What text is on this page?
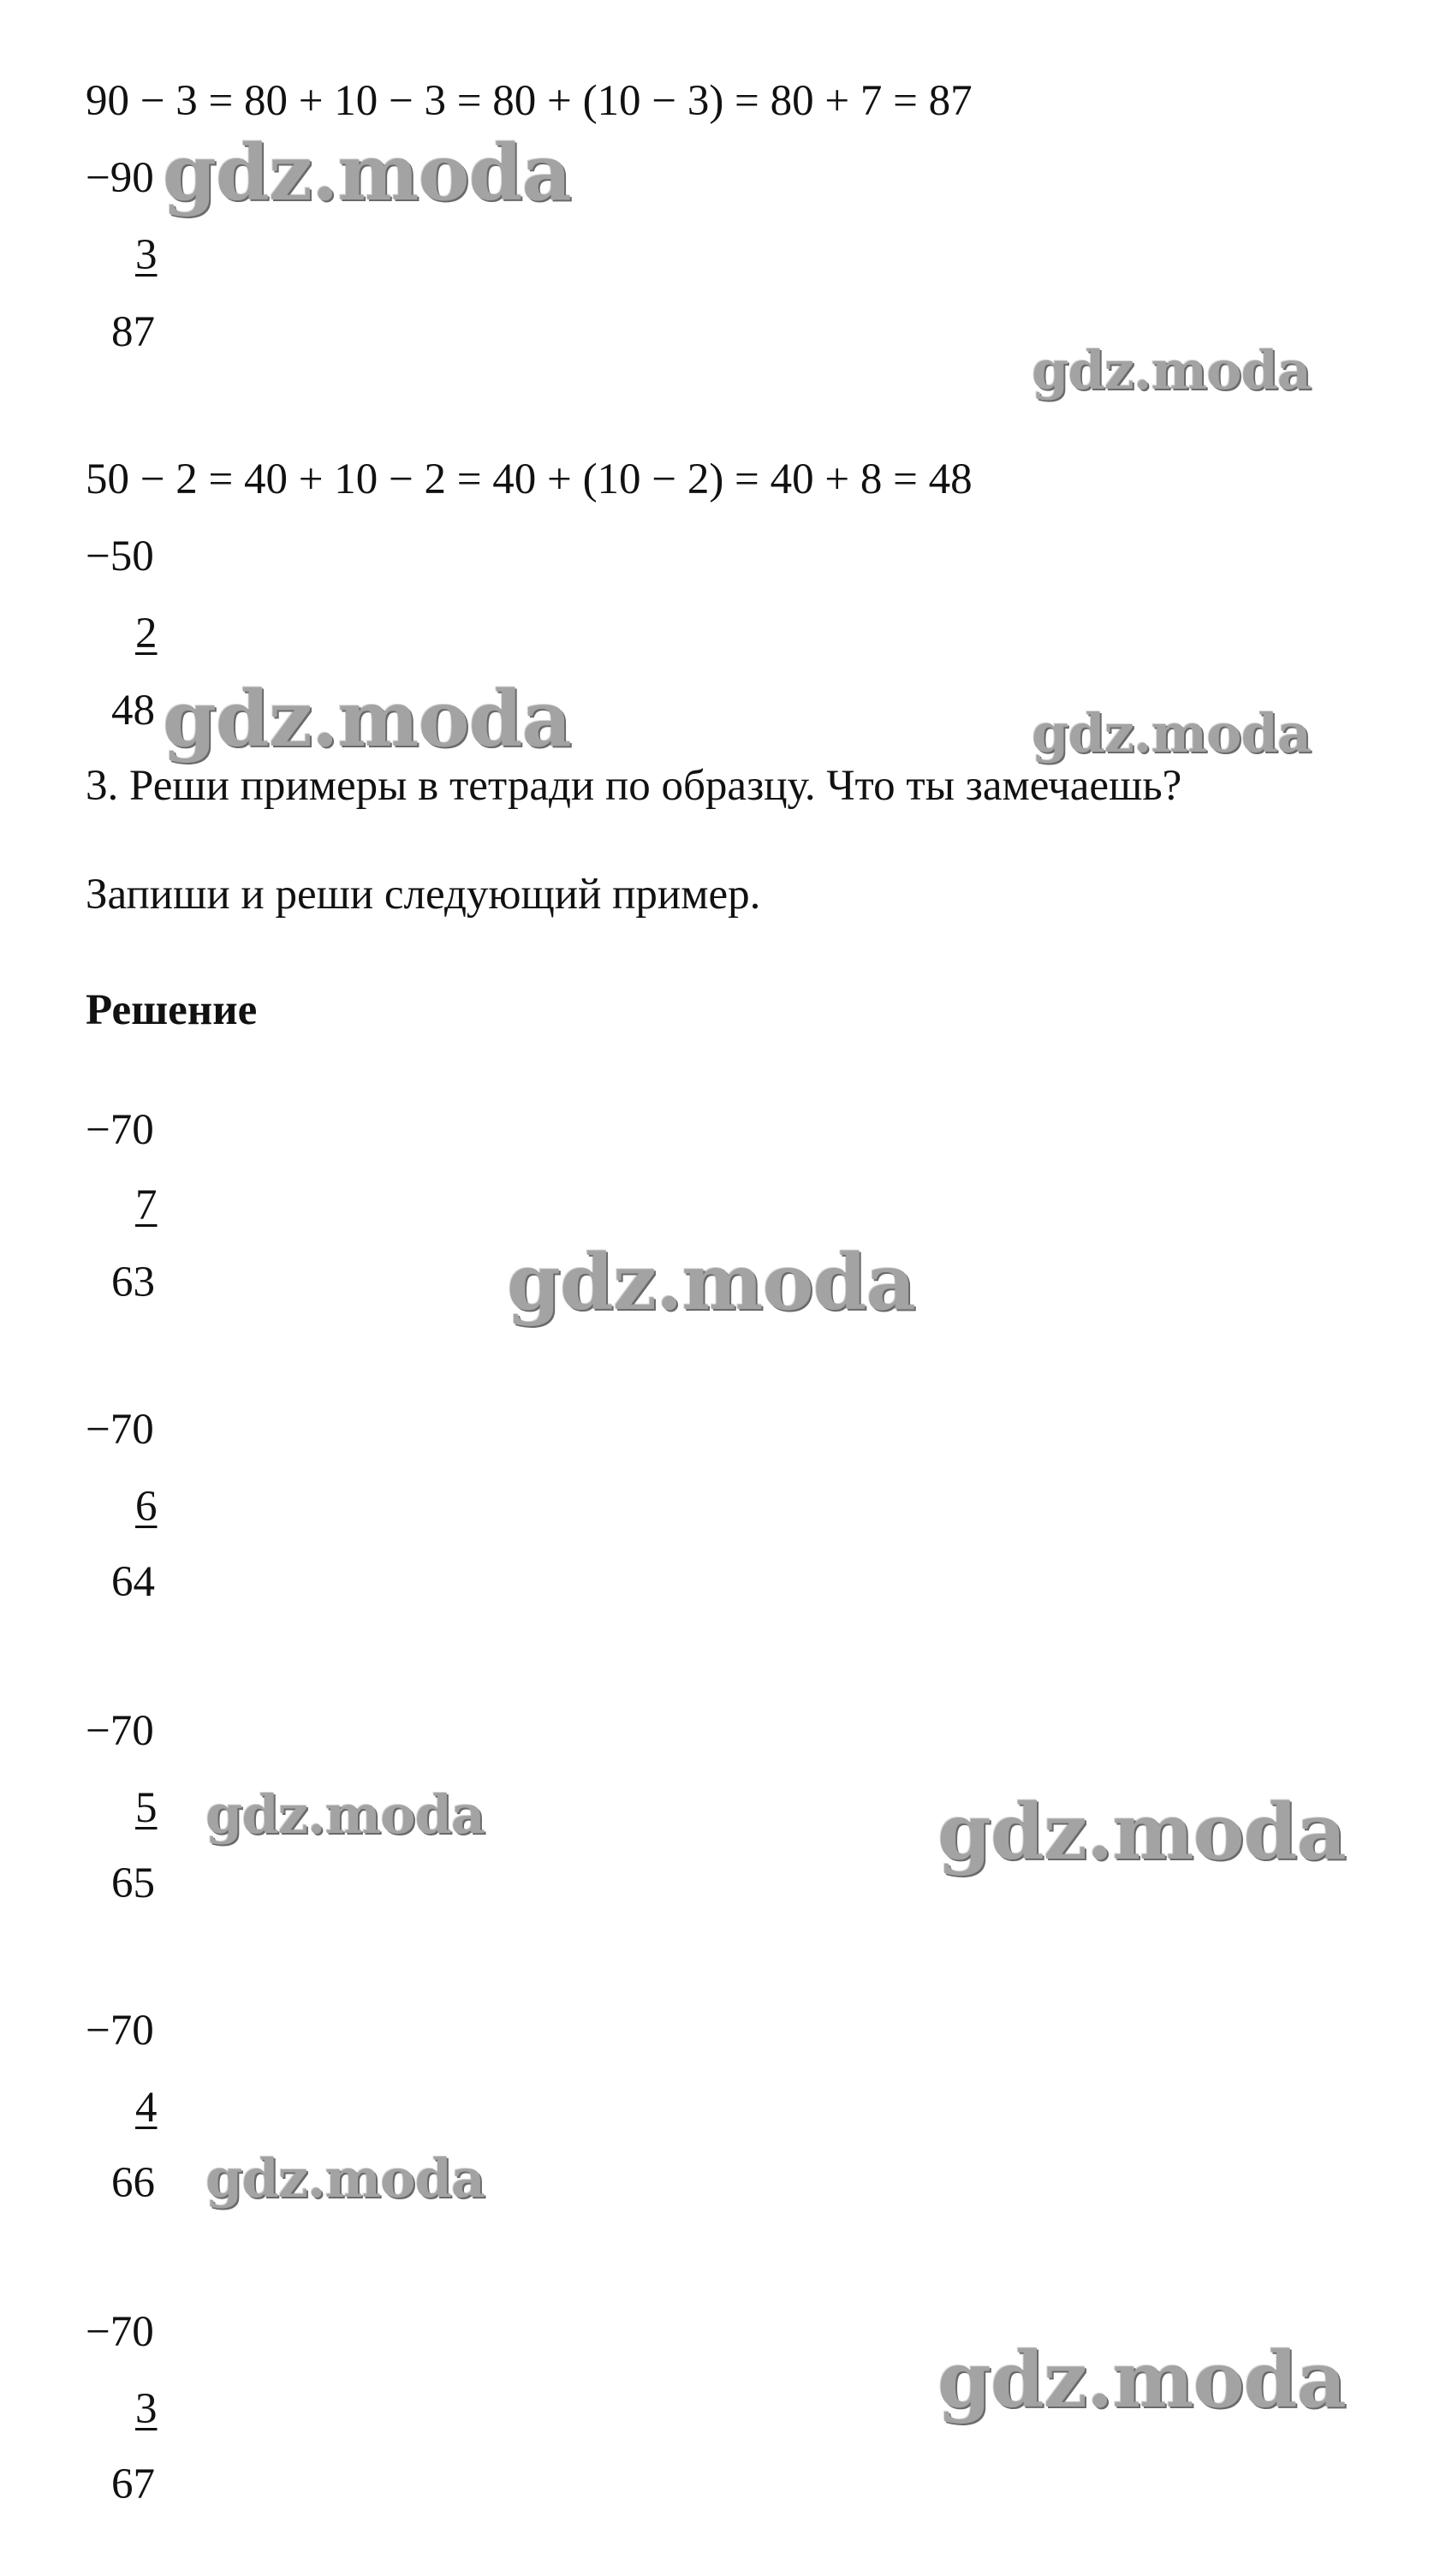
90 − 3 = 80 + 10 − 3 = 80 + (10 − 3) = 80 + 7 = 87
−90
3
87
50 − 2 = 40 + 10 − 2 = 40 + (10 − 2) = 40 + 8 = 48
−50
2
48
3. Реши примеры в тетради по образцу. Что ты замечаешь?
Запиши и реши следующий пример.
Решение
−70
7
63
−70
6
64
−70
5
65
−70
4
66
−70
3
67
gdz.moda
gdz.moda
gdz.moda	gdz.moda
gdz.moda
gdz.moda	gdz.moda
gdz.moda
gdz.moda
